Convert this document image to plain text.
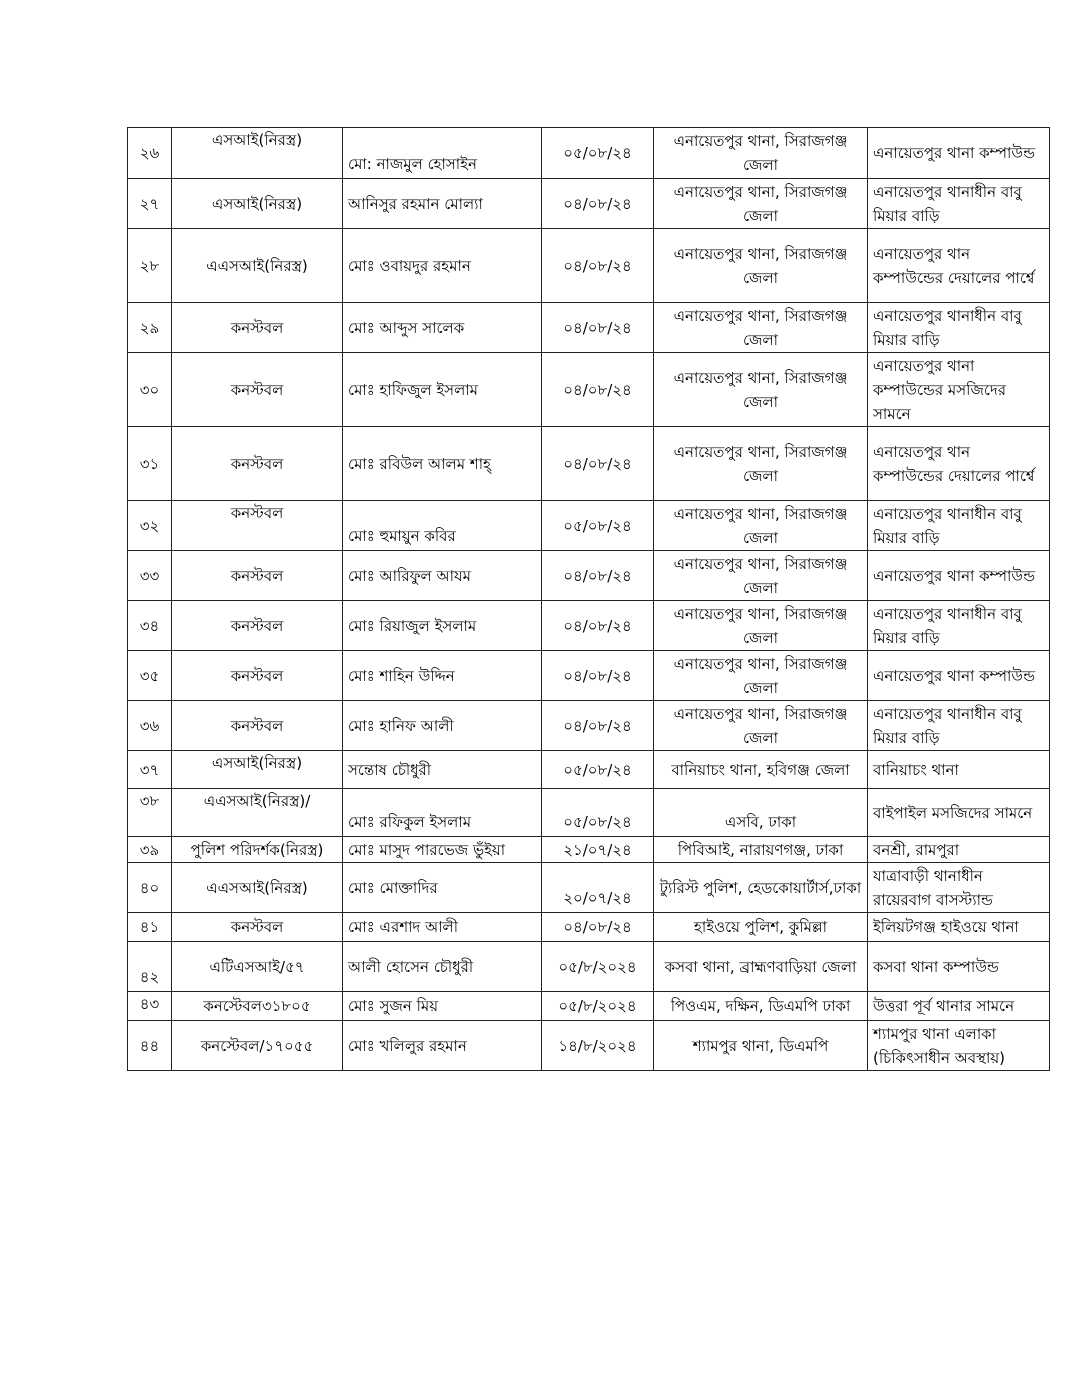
২৬	এসআই(নিরস্ত্র)	মো: নাজমুল হোসাইন	০৫/০৮/২৪	এনায়েতপুর থানা, সিরাজগঞ্জ জেলা	এনায়েতপুর থানা কম্পাউন্ড
২৭	এসআই(নিরস্ত্র)	আনিসুর রহমান মোল্যা	০৪/০৮/২৪	এনায়েতপুর থানা, সিরাজগঞ্জ জেলা	এনায়েতপুর থানাধীন বাবু মিয়ার বাড়ি
২৮	এএসআই(নিরস্ত্র)	মোঃ ওবায়দুর রহমান	০৪/০৮/২৪	এনায়েতপুর থানা, সিরাজগঞ্জ জেলা	এনায়েতপুর থান কম্পাউন্ডের দেয়ালের পার্শ্বে
২৯	কনস্টবল	মোঃ আব্দুস সালেক	০৪/০৮/২৪	এনায়েতপুর থানা, সিরাজগঞ্জ জেলা	এনায়েতপুর থানাধীন বাবু মিয়ার বাড়ি
৩০	কনস্টবল	মোঃ হাফিজুল ইসলাম	০৪/০৮/২৪	এনায়েতপুর থানা, সিরাজগঞ্জ জেলা	এনায়েতপুর থানা কম্পাউন্ডের মসজিদের সামনে
৩১	কনস্টবল	মোঃ রবিউল আলম শাহ্	০৪/০৮/২৪	এনায়েতপুর থানা, সিরাজগঞ্জ জেলা	এনায়েতপুর থান কম্পাউন্ডের দেয়ালের পার্শ্বে
৩২	কনস্টবল	মোঃ হুমায়ুন কবির	০৫/০৮/২৪	এনায়েতপুর থানা, সিরাজগঞ্জ জেলা	এনায়েতপুর থানাধীন বাবু মিয়ার বাড়ি
৩৩	কনস্টবল	মোঃ আরিফুল আযম	০৪/০৮/২৪	এনায়েতপুর থানা, সিরাজগঞ্জ জেলা	এনায়েতপুর থানা কম্পাউন্ড
৩৪	কনস্টবল	মোঃ রিয়াজুল ইসলাম	০৪/০৮/২৪	এনায়েতপুর থানা, সিরাজগঞ্জ জেলা	এনায়েতপুর থানাধীন বাবু মিয়ার বাড়ি
৩৫	কনস্টবল	মোঃ শাহিন উদ্দিন	০৪/০৮/২৪	এনায়েতপুর থানা, সিরাজগঞ্জ জেলা	এনায়েতপুর থানা কম্পাউন্ড
৩৬	কনস্টবল	মোঃ হানিফ আলী	০৪/০৮/২৪	এনায়েতপুর থানা, সিরাজগঞ্জ জেলা	এনায়েতপুর থানাধীন বাবু মিয়ার বাড়ি
৩৭	এসআই(নিরস্ত্র)	সন্তোষ চৌধুরী	০৫/০৮/২৪	বানিয়াচং থানা, হবিগঞ্জ জেলা	বানিয়াচং থানা
৩৮	এএসআই(নিরস্ত্র)/	মোঃ রফিকুল ইসলাম	০৫/০৮/২৪	এসবি, ঢাকা	বাইপাইল মসজিদের সামনে
৩৯	পুলিশ পরিদর্শক(নিরস্ত্র)	মোঃ মাসুদ পারভেজ ভুঁইয়া	২১/০৭/২৪	পিবিআই, নারায়ণগঞ্জ, ঢাকা	বনশ্রী, রামপুরা
৪০	এএসআই(নিরস্ত্র)	মোঃ মোক্তাদির	২০/০৭/২৪	ট্যুরিস্ট পুলিশ, হেডকোয়ার্টার্স,ঢাকা	যাত্রাবাড়ী থানাধীন রায়েরবাগ বাসস্ট্যান্ড
৪১	কনস্টবল	মোঃ এরশাদ আলী	০৪/০৮/২৪	হাইওয়ে পুলিশ, কুমিল্লা	ইলিয়টগঞ্জ হাইওয়ে থানা
৪২	এটিএসআই/৫৭	আলী হোসেন চৌধুরী	০৫/৮/২০২৪	কসবা থানা, ব্রাহ্মণবাড়িয়া জেলা	কসবা থানা কম্পাউন্ড
৪৩	কনস্টেবল৩১৮০৫	মোঃ সুজন মিয়	০৫/৮/২০২৪	পিওএম, দক্ষিন, ডিএমপি ঢাকা	উত্তরা পূর্ব থানার সামনে
৪৪	কনস্টেবল/১৭০৫৫	মোঃ খলিলুর রহমান	১৪/৮/২০২৪	শ্যামপুর থানা, ডিএমপি	শ্যামপুর থানা এলাকা (চিকিৎসাধীন অবস্থায়)
